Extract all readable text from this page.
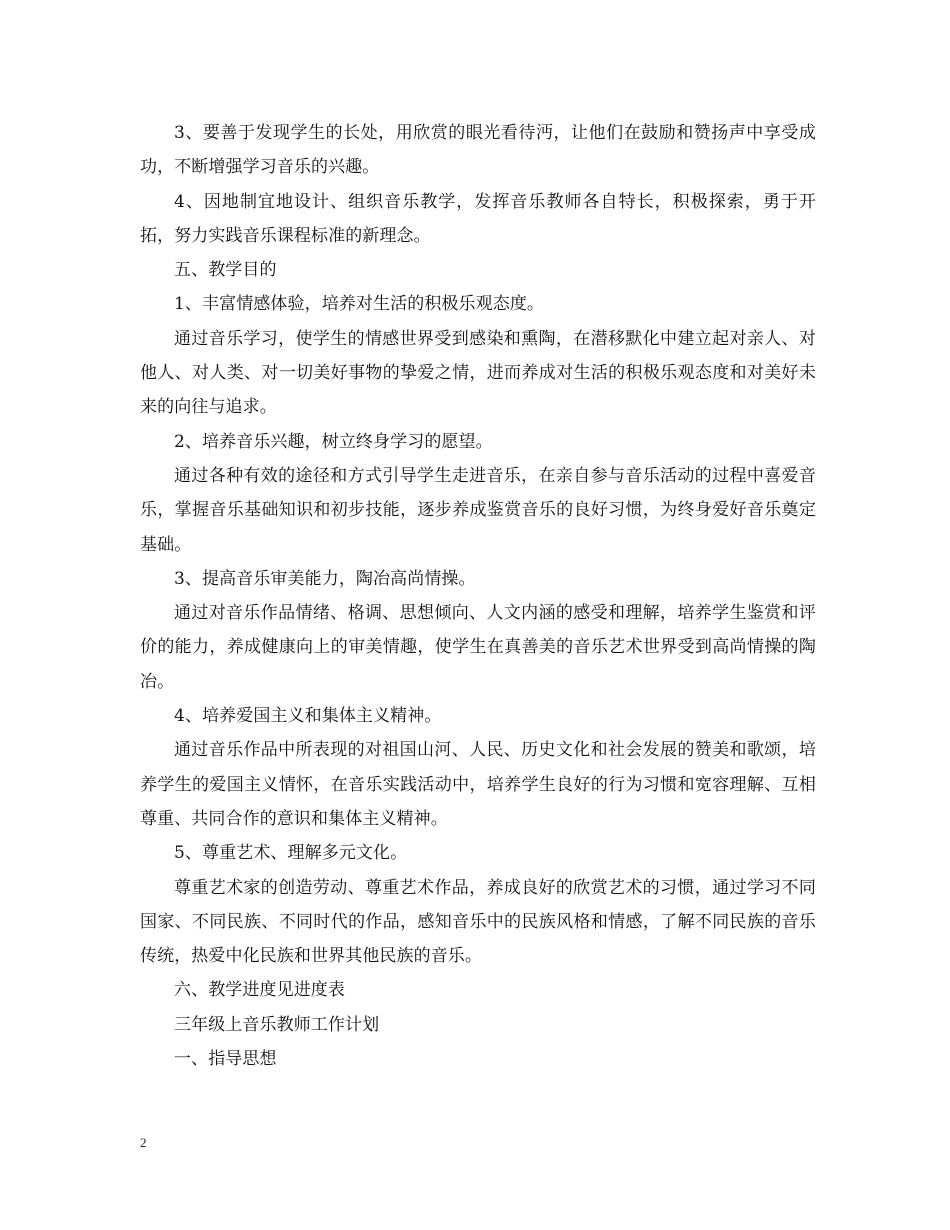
3、要善于发现学生的长处，用欣赏的眼光看待沔，让他们在鼓励和赞扬声中享受成功，不断增强学习音乐的兴趣。

4、因地制宜地设计、组织音乐教学，发挥音乐教师各自特长，积极探索，勇于开拓，努力实践音乐课程标准的新理念。

五、教学目的

1、丰富情感体验，培养对生活的积极乐观态度。

通过音乐学习，使学生的情感世界受到感染和熏陶，在潜移默化中建立起对亲人、对他人、对人类、对一切美好事物的挚爱之情，进而养成对生活的积极乐观态度和对美好未来的向往与追求。

2、培养音乐兴趣，树立终身学习的愿望。

通过各种有效的途径和方式引导学生走进音乐，在亲自参与音乐活动的过程中喜爱音乐，掌握音乐基础知识和初步技能，逐步养成鉴赏音乐的良好习惯，为终身爱好音乐奠定基础。

3、提高音乐审美能力，陶冶高尚情操。

通过对音乐作品情绪、格调、思想倾向、人文内涵的感受和理解，培养学生鉴赏和评价的能力，养成健康向上的审美情趣，使学生在真善美的音乐艺术世界受到高尚情操的陶冶。

4、培养爱国主义和集体主义精神。

通过音乐作品中所表现的对祖国山河、人民、历史文化和社会发展的赞美和歌颂，培养学生的爱国主义情怀，在音乐实践活动中，培养学生良好的行为习惯和宽容理解、互相尊重、共同合作的意识和集体主义精神。

5、尊重艺术、理解多元文化。

尊重艺术家的创造劳动、尊重艺术作品，养成良好的欣赏艺术的习惯，通过学习不同国家、不同民族、不同时代的作品，感知音乐中的民族风格和情感，了解不同民族的音乐传统，热爱中化民族和世界其他民族的音乐。

六、教学进度见进度表

三年级上音乐教师工作计划

一、指导思想

2
